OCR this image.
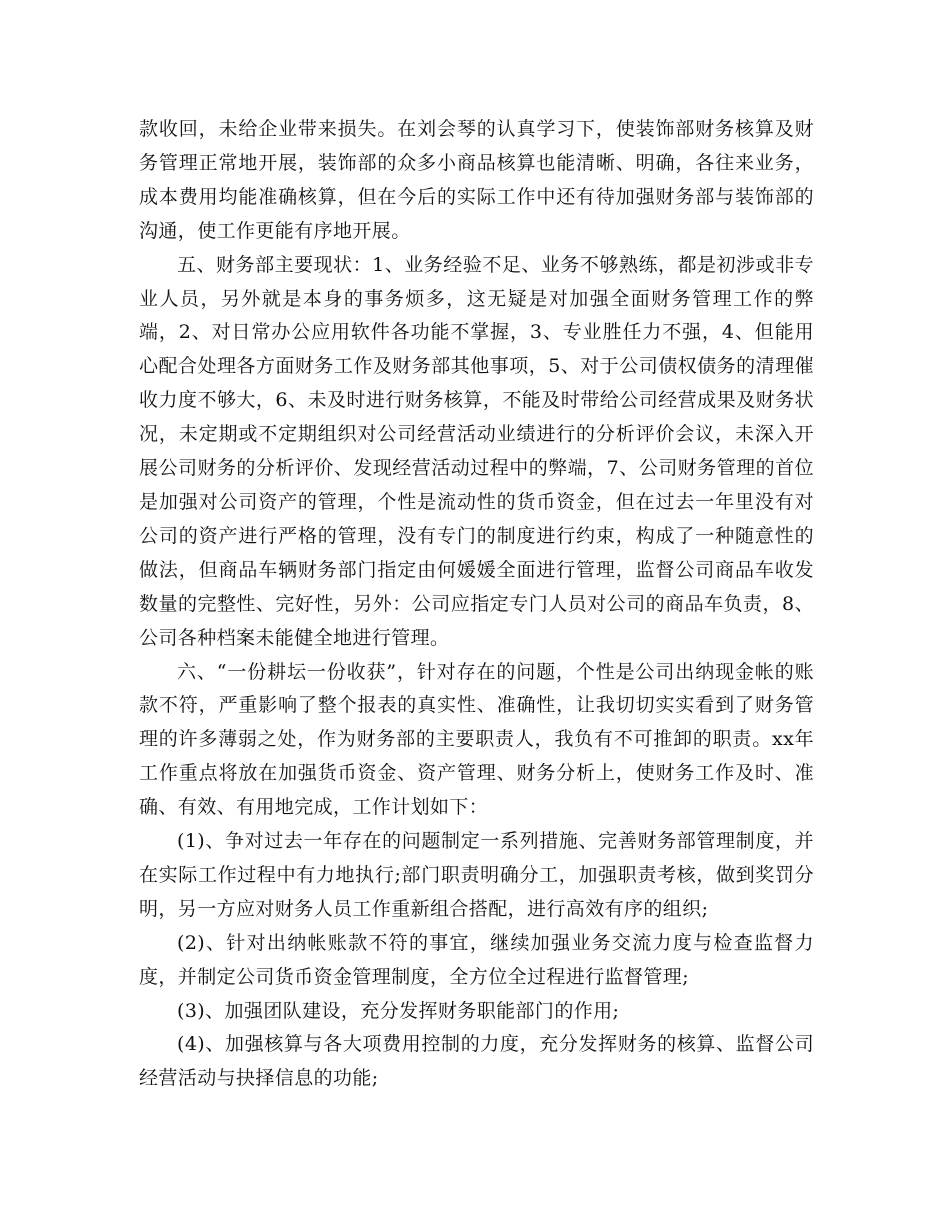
款收回，未给企业带来损失。在刘会琴的认真学习下，使装饰部财务核算及财务管理正常地开展，装饰部的众多小商品核算也能清晰、明确，各往来业务，成本费用均能准确核算，但在今后的实际工作中还有待加强财务部与装饰部的沟通，使工作更能有序地开展。

五、财务部主要现状：1、业务经验不足、业务不够熟练，都是初涉或非专业人员，另外就是本身的事务烦多，这无疑是对加强全面财务管理工作的弊端，2、对日常办公应用软件各功能不掌握，3、专业胜任力不强，4、但能用心配合处理各方面财务工作及财务部其他事项，5、对于公司债权债务的清理催收力度不够大，6、未及时进行财务核算，不能及时带给公司经营成果及财务状况，未定期或不定期组织对公司经营活动业绩进行的分析评价会议，未深入开展公司财务的分析评价、发现经营活动过程中的弊端，7、公司财务管理的首位是加强对公司资产的管理，个性是流动性的货币资金，但在过去一年里没有对公司的资产进行严格的管理，没有专门的制度进行约束，构成了一种随意性的做法，但商品车辆财务部门指定由何媛媛全面进行管理，监督公司商品车收发数量的完整性、完好性，另外：公司应指定专门人员对公司的商品车负责，8、公司各种档案未能健全地进行管理。

六、“一份耕坛一份收获”，针对存在的问题，个性是公司出纳现金帐的账款不符，严重影响了整个报表的真实性、准确性，让我切切实实看到了财务管理的许多薄弱之处，作为财务部的主要职责人，我负有不可推卸的职责。xx年工作重点将放在加强货币资金、资产管理、财务分析上，使财务工作及时、准确、有效、有用地完成，工作计划如下：

(1)、争对过去一年存在的问题制定一系列措施、完善财务部管理制度，并在实际工作过程中有力地执行;部门职责明确分工，加强职责考核，做到奖罚分明，另一方应对财务人员工作重新组合搭配，进行高效有序的组织;

(2)、针对出纳帐账款不符的事宜，继续加强业务交流力度与检查监督力度，并制定公司货币资金管理制度，全方位全过程进行监督管理;

(3)、加强团队建设，充分发挥财务职能部门的作用;

(4)、加强核算与各大项费用控制的力度，充分发挥财务的核算、监督公司经营活动与抉择信息的功能;
